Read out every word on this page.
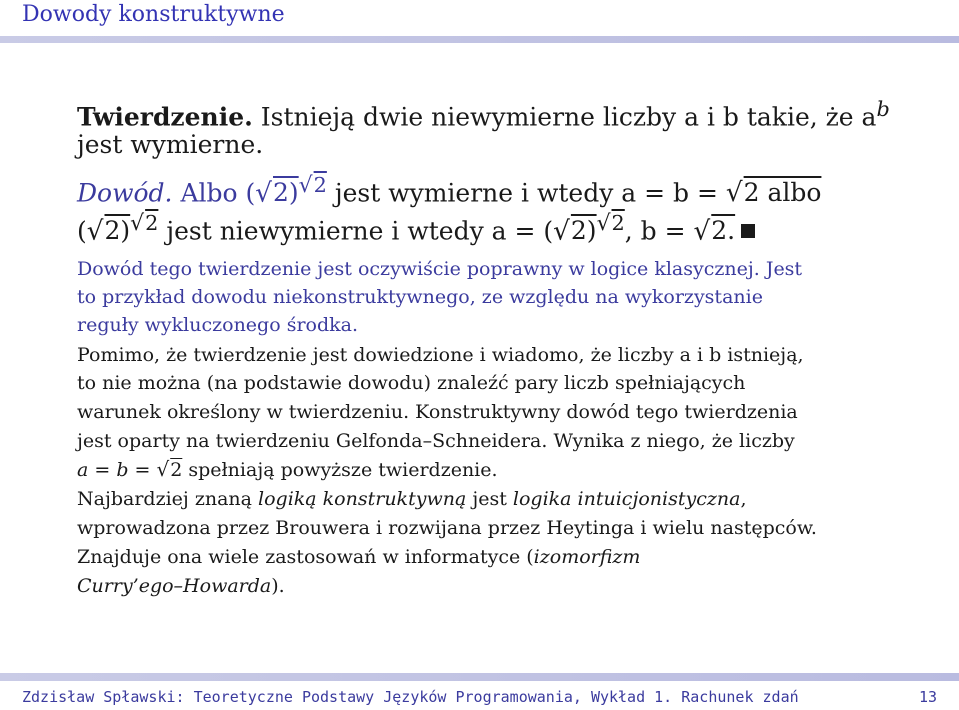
Dowody konstruktywne
Twierdzenie. Istnieją dwie niewymierne liczby a i b takie, że $a^b$
jest wymierne.
Dowód. Albo $(√2)^{√2}$ jest wymierne i wtedy a = b = √2 albo
$(√2)^{√2}$ jest niewymierne i wtedy $a = (√2)^{√2}$, b = √2.
Dowód tego twierdzenie jest oczywiście poprawny w logice klasycznej. Jest
to przykład dowodu niekonstruktywnego, ze względu na wykorzystanie
reguły wykluczonego środka.
Pomimo, że twierdzenie jest dowiedzione i wiadomo, że liczby a i b istnieją,
to nie można (na podstawie dowodu) znaleźć pary liczb spełniających
warunek określony w twierdzeniu. Konstruktywny dowód tego twierdzenia
jest oparty na twierdzeniu Gelfonda–Schneidera. Wynika z niego, że liczby
a = b = √2 spełniają powyższe twierdzenie.
Najbardziej znaną logiką konstruktywną jest logika intuicjonistyczna,
wprowadzona przez Brouwera i rozwijana przez Heytinga i wielu następców.
Znajduje ona wiele zastosowań w informatyce (izomorfizm
Curry’ego–Howarda).
Zdzisław Spławski: Teoretyczne Podstawy Języków Programowania, Wykład 1. Rachunek zdań	13
